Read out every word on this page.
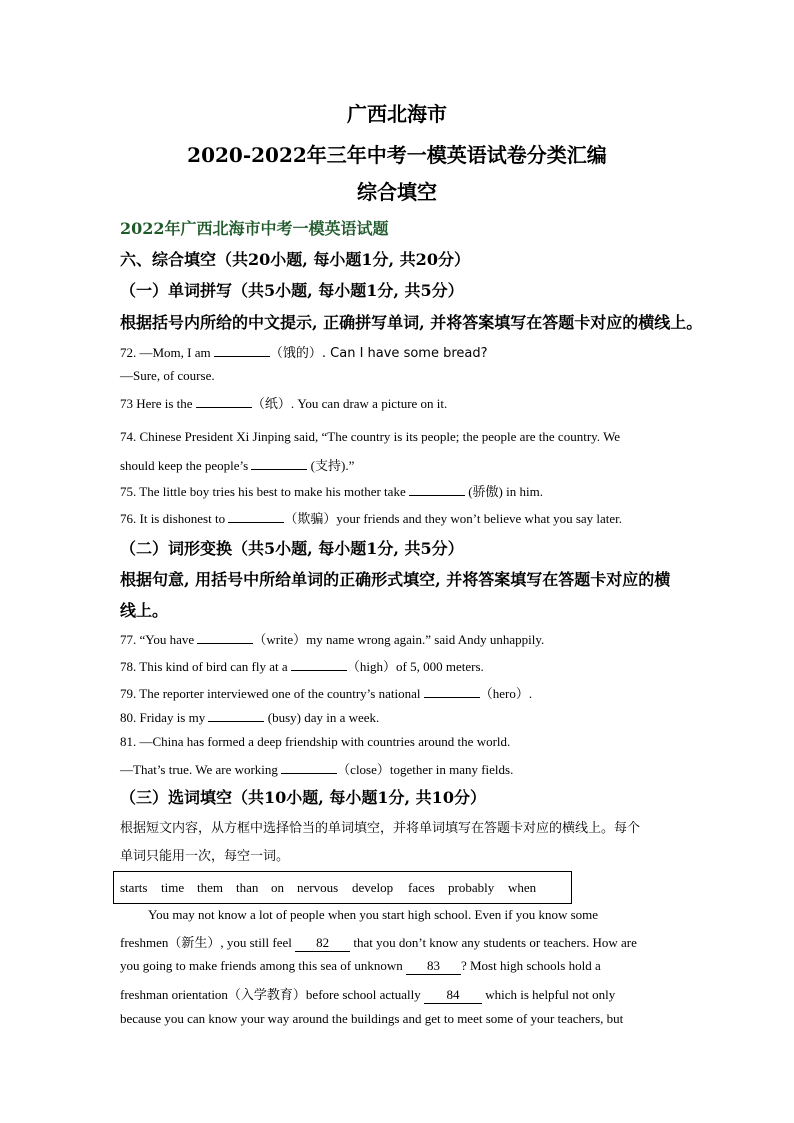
广西北海市
2020-2022年三年中考一模英语试卷分类汇编
综合填空
2022年广西北海市中考一模英语试题
六、综合填空（共20小题, 每小题1分, 共20分）
（一）单词拼写（共5小题, 每小题1分, 共5分）
根据括号内所给的中文提示, 正确拼写单词, 并将答案填写在答题卡对应的横线上。
72. —Mom, I am	（饿的）. Can I have some bread?
—Sure, of course.
73 Here is the	（纸）. You can draw a picture on it.
74. Chinese President Xi Jinping said, “The country is its people; the people are the country. We
should keep the people’s	(支持).”
75. The little boy tries his best to make his mother take	(骄傲) in him.
76. It is dishonest to	（欺骗）your friends and they won’t believe what you say later.
（二）词形变换（共5小题, 每小题1分, 共5分）
根据句意, 用括号中所给单词的正确形式填空, 并将答案填写在答题卡对应的横
线上。
77. “You have	（write）my name wrong again.” said Andy unhappily.
78. This kind of bird can fly at a	（high）of 5, 000 meters.
79. The reporter interviewed one of the country’s national	（hero）.
80. Friday is my	(busy) day in a week.
81. —China has formed a deep friendship with countries around the world.
—That’s true. We are working	（close）together in many fields.
（三）选词填空（共10小题, 每小题1分, 共10分）
根据短文内容，从方框中选择恰当的单词填空，并将单词填写在答题卡对应的横线上。每个
单词只能用一次，每空一词。
starts time them than on nervous develop faces probably when
You may not know a lot of people when you start high school. Even if you know some
freshmen（新生）, you still feel 82 that you don’t know any students or teachers. How are
you going to make friends among this sea of unknown 83 ? Most high schools hold a
freshman orientation（入学教育）before school actually 84 which is helpful not only
because you can know your way around the buildings and get to meet some of your teachers, but
